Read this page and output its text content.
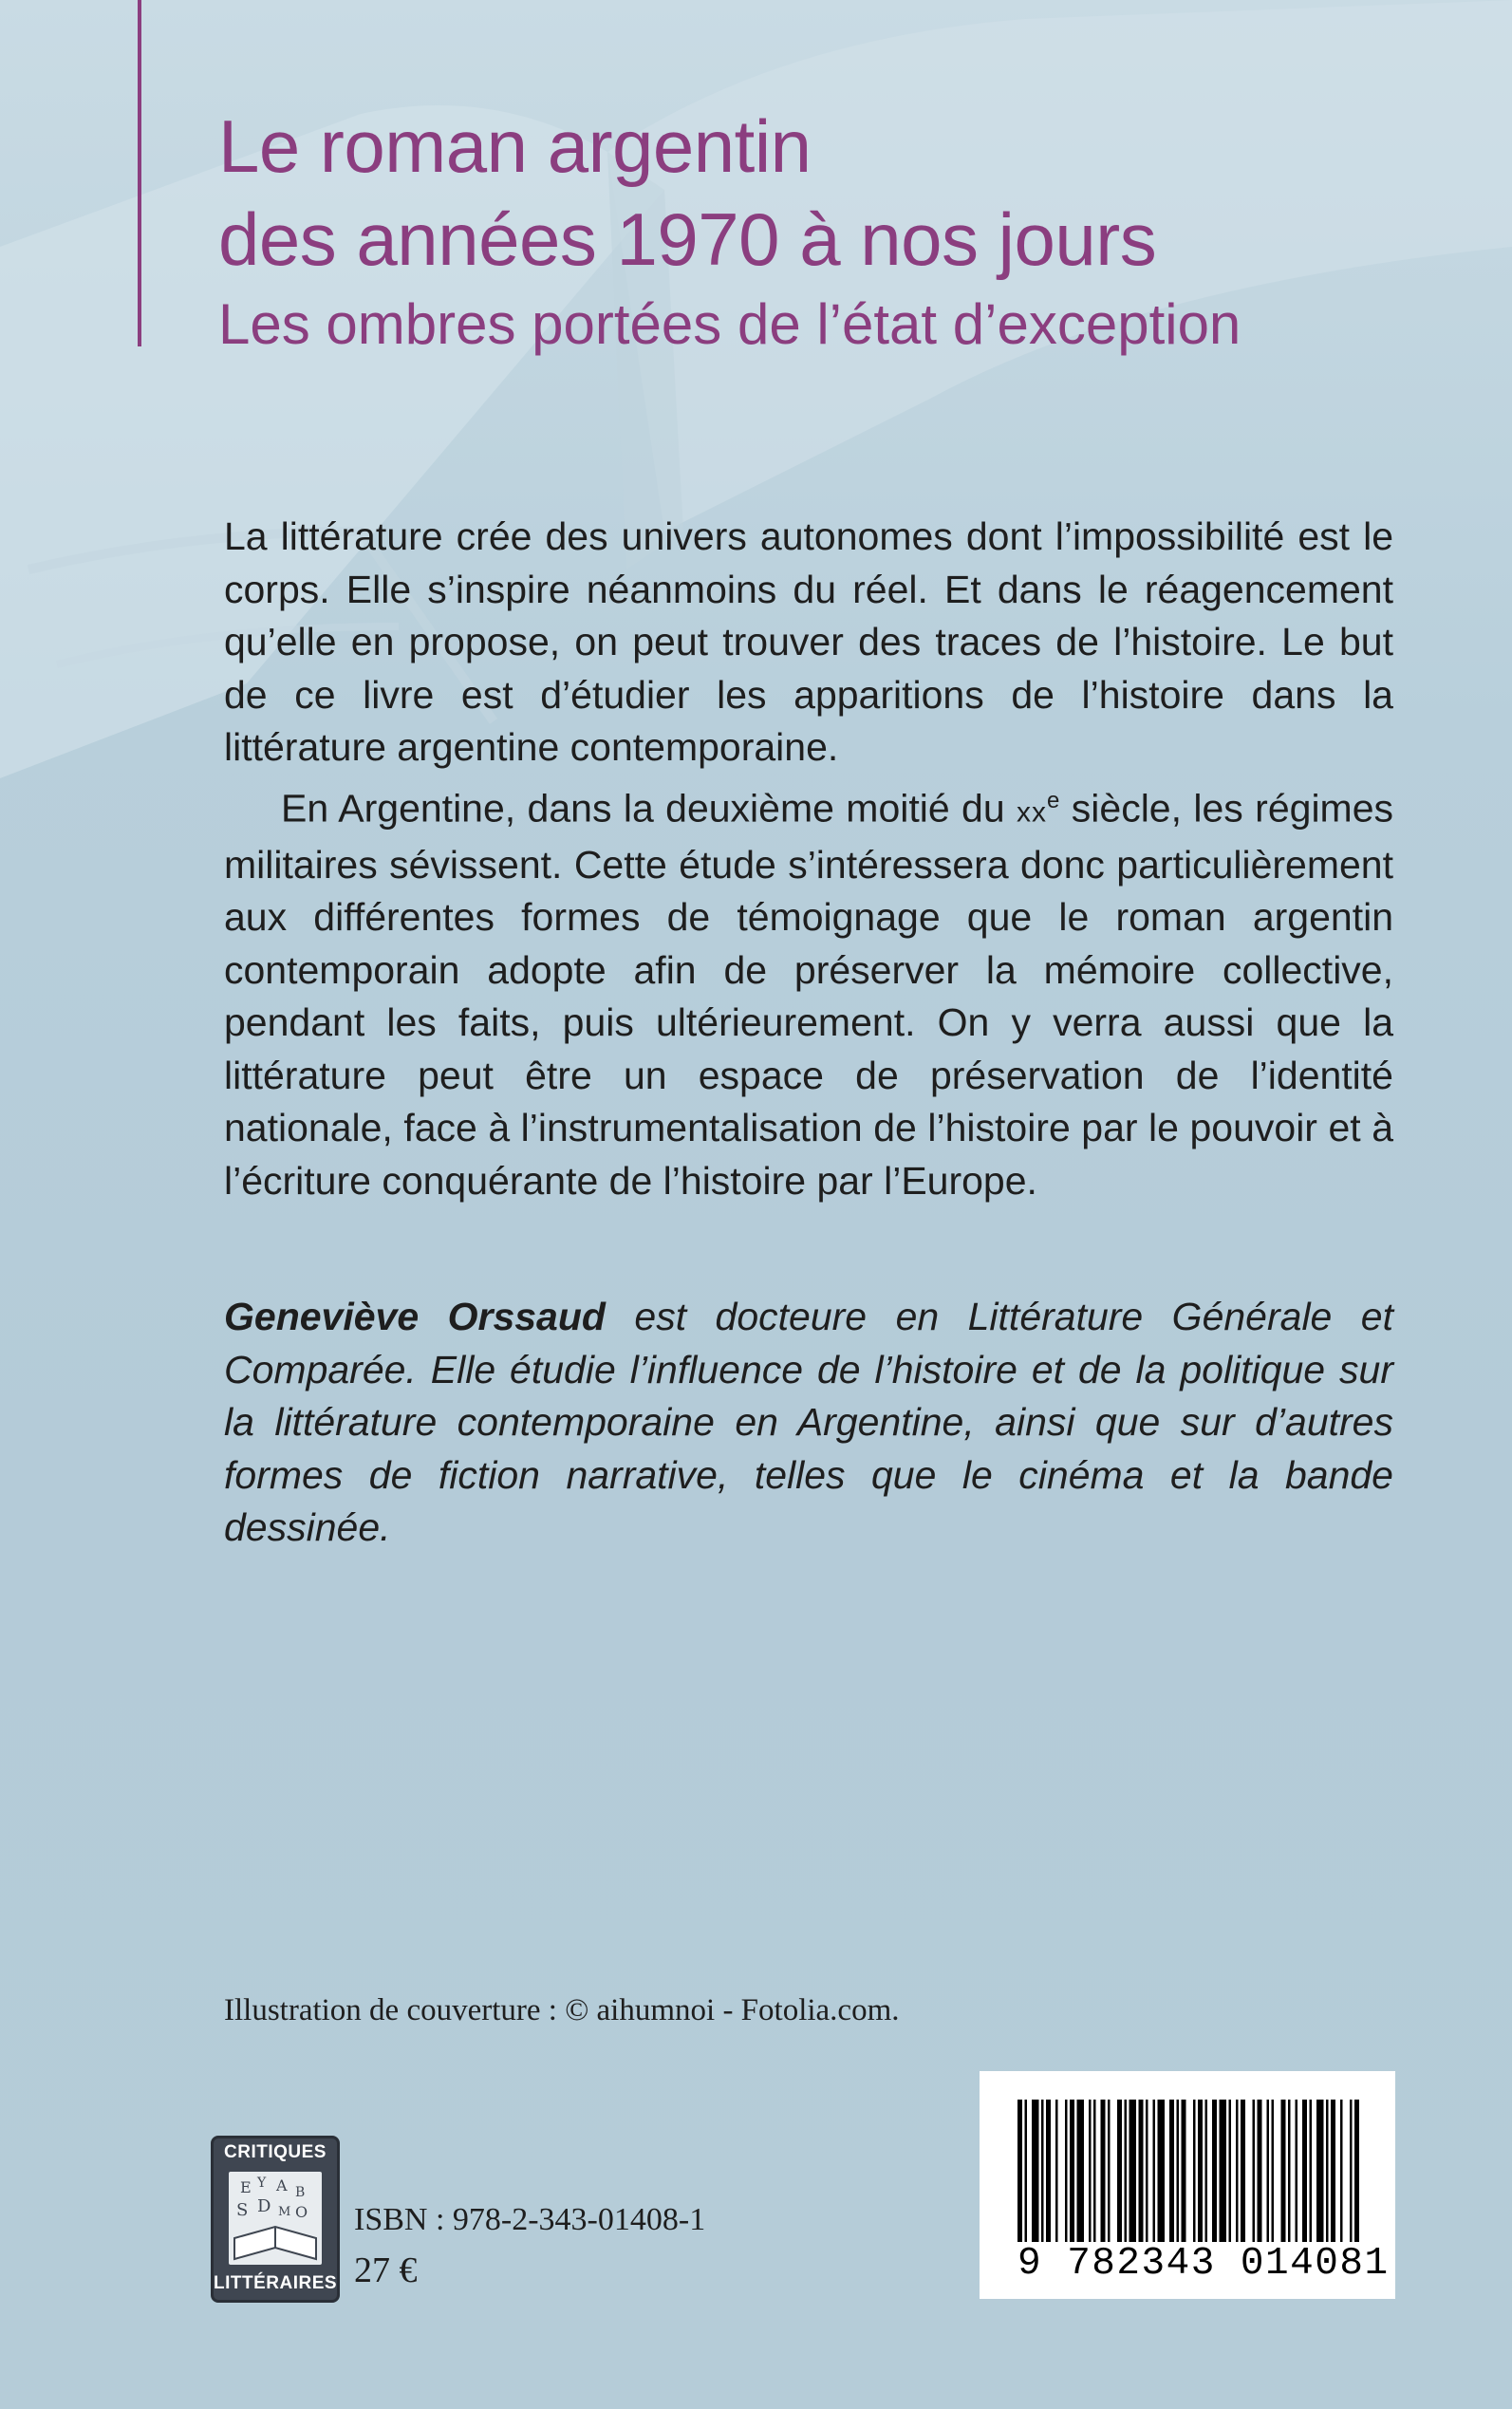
Le roman argentin
des années 1970 à nos jours
Les ombres portées de l’état d’exception

La littérature crée des univers autonomes dont l’impossibilité est le corps. Elle s’inspire néanmoins du réel. Et dans le réagencement qu’elle en propose, on peut trouver des traces de l’histoire. Le but de ce livre est d’étudier les apparitions de l’histoire dans la littérature argentine contemporaine.

En Argentine, dans la deuxième moitié du $xx^e$ siècle, les régimes militaires sévissent. Cette étude s’intéressera donc particulièrement aux différentes formes de témoignage que le roman argentin contemporain adopte afin de préserver la mémoire collective, pendant les faits, puis ultérieurement. On y verra aussi que la littérature peut être un espace de préservation de l’identité nationale, face à l’instrumentalisation de l’histoire par le pouvoir et à l’écriture conquérante de l’histoire par l’Europe.

Geneviève Orssaud est docteure en Littérature Générale et Comparée. Elle étudie l’influence de l’histoire et de la politique sur la littérature contemporaine en Argentine, ainsi que sur d’autres formes de fiction narrative, telles que le cinéma et la bande dessinée.
Illustration de couverture : © aihumnoi - Fotolia.com.
CRITIQUES
E Y A B
S D M O
LITTÉRAIRES
ISBN : 978-2-343-01408-1
27 €	9 782343 014081
